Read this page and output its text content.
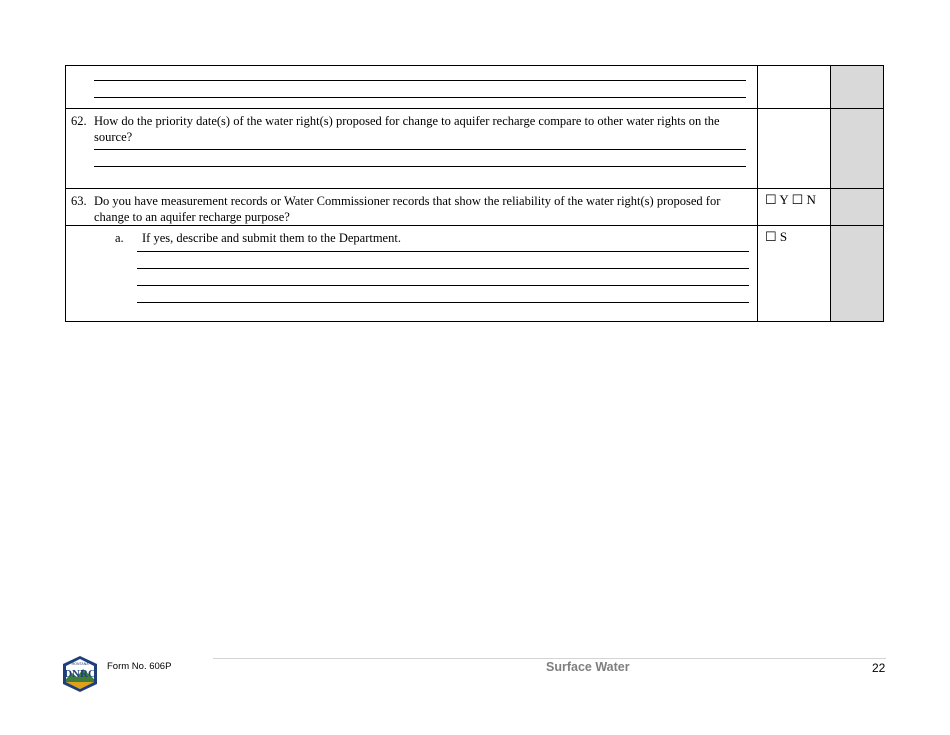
62. How do the priority date(s) of the water right(s) proposed for change to aquifer recharge compare to other water rights on the source?		

63. Do you have measurement records or Water Commissioner records that show the reliability of the water right(s) proposed for change to an aquifer recharge purpose?	☐ Y ☐ N	

a. If yes, describe and submit them to the Department.	☐ S	

MONTANA
DNRC
Form No. 606P	Surface Water	22
